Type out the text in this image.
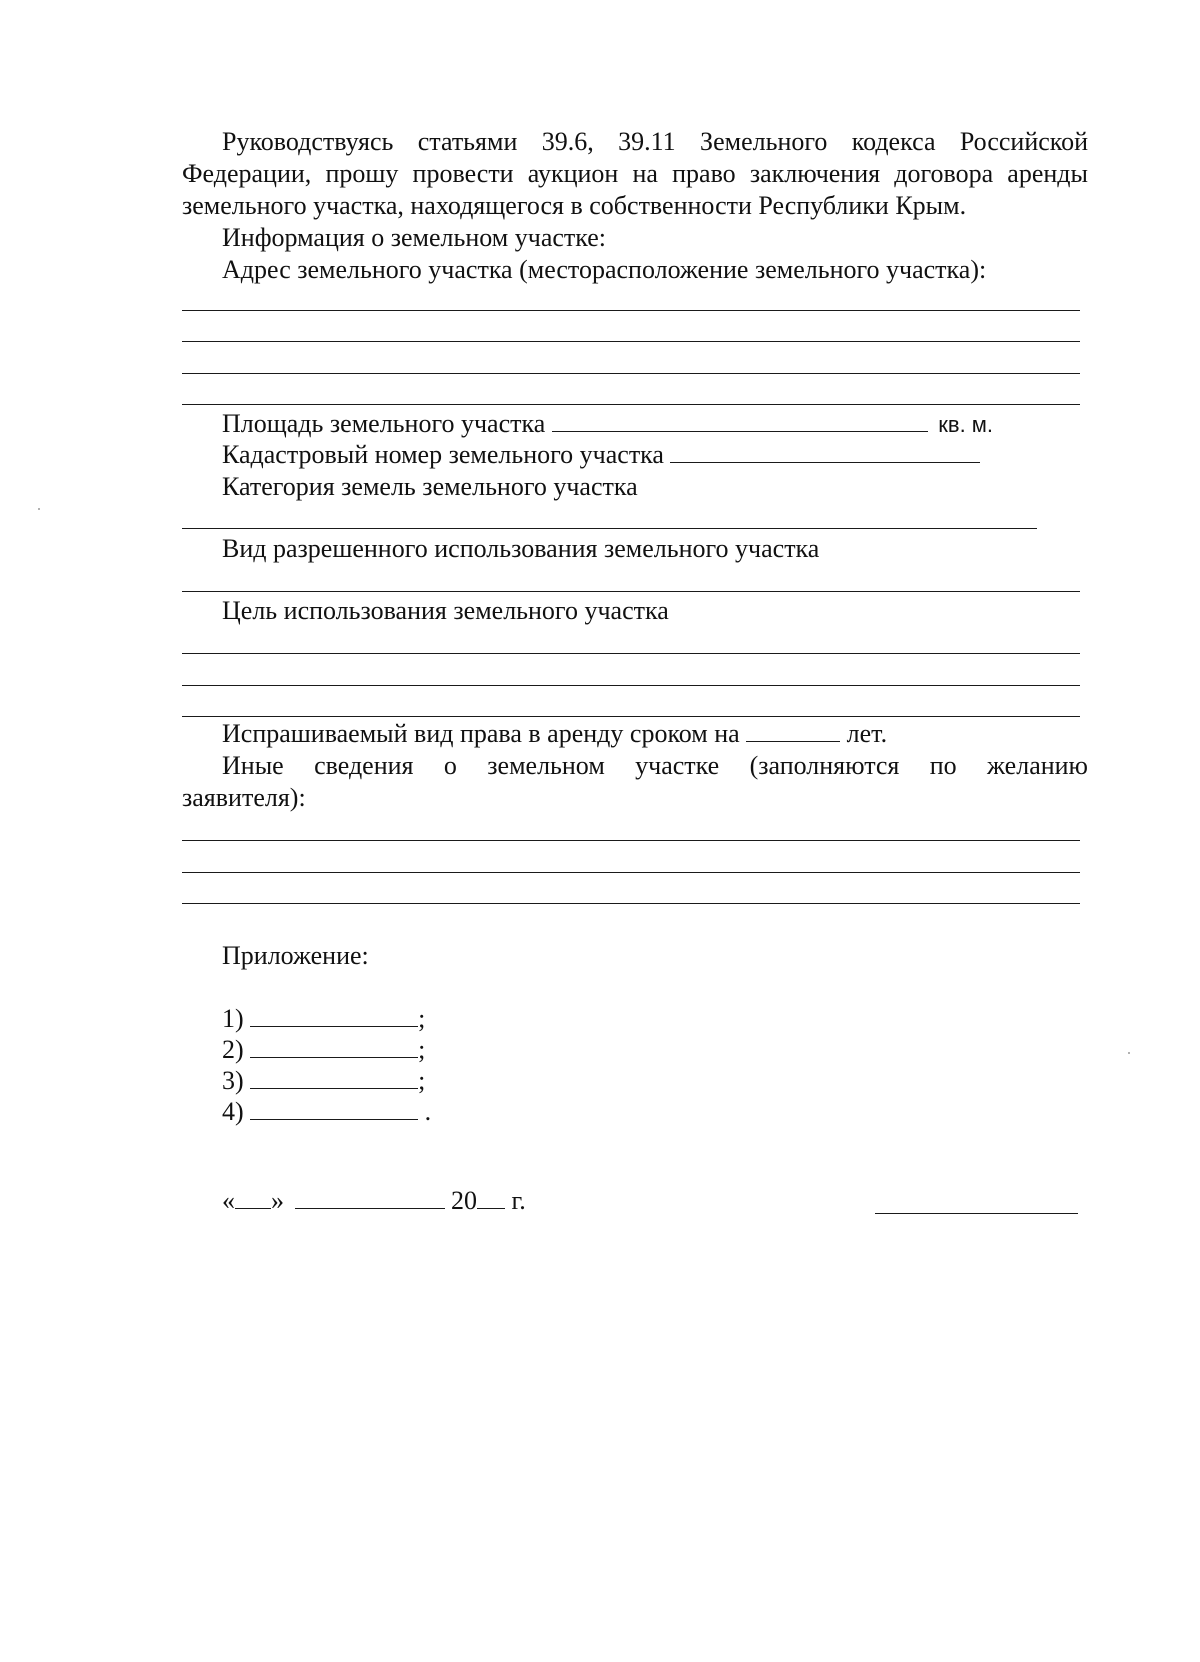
Руководствуясь статьями 39.6, 39.11 Земельного кодекса Российской
Федерации, прошу провести аукцион на право заключения договора аренды
земельного участка, находящегося в собственности Республики Крым.
Информация о земельном участке:
Адрес земельного участка (месторасположение земельного участка):
Площадь земельного участка	кв. м.
Кадастровый номер земельного участка
Категория земель земельного участка
Вид разрешенного использования земельного участка
Цель использования земельного участка
Испрашиваемый вид права в аренду сроком на	лет.
Иные сведения о земельном участке (заполняются по желанию
заявителя):
Приложение:
1)	;
2)	;
3)	;
4)	.
« »	20 г.
